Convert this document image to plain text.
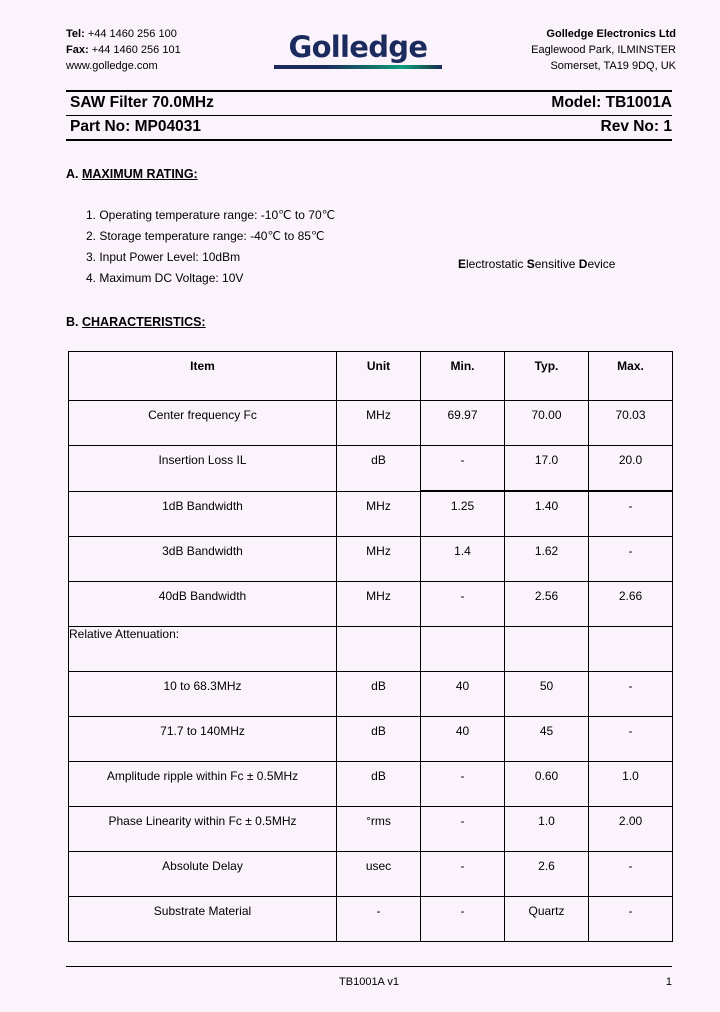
Tel: +44 1460 256 100
Fax: +44 1460 256 101
www.golledge.com
Golledge	Golledge Electronics Ltd
Eaglewood Park, ILMINSTER
Somerset, TA19 9DQ, UK
SAW Filter 70.0MHz	Model: TB1001A
Part No: MP04031	Rev No: 1
A. MAXIMUM RATING:
1. Operating temperature range: -10℃ to 70℃
2. Storage temperature range: -40℃ to 85℃
3. Input Power Level: 10dBm
4. Maximum DC Voltage: 10V
Electrostatic Sensitive Device
B. CHARACTERISTICS:
Item	Unit	Min.	Typ.	Max.

Center frequency Fc	MHz	69.97	70.00	70.03

Insertion Loss IL	dB	-	17.0	20.0

1dB Bandwidth	MHz	1.25	1.40	-

3dB Bandwidth	MHz	1.4	1.62	-

40dB Bandwidth	MHz	-	2.56	2.66

Relative Attenuation:	

10 to 68.3MHz	dB	40	50	-

71.7 to 140MHz	dB	40	45	-

Amplitude ripple within Fc ± 0.5MHz	dB	-	0.60	1.0

Phase Linearity within Fc ± 0.5MHz	°rms	-	1.0	2.00

Absolute Delay	usec	-	2.6	-

Substrate Material	-	-	Quartz	-
TB1001A v1	1
